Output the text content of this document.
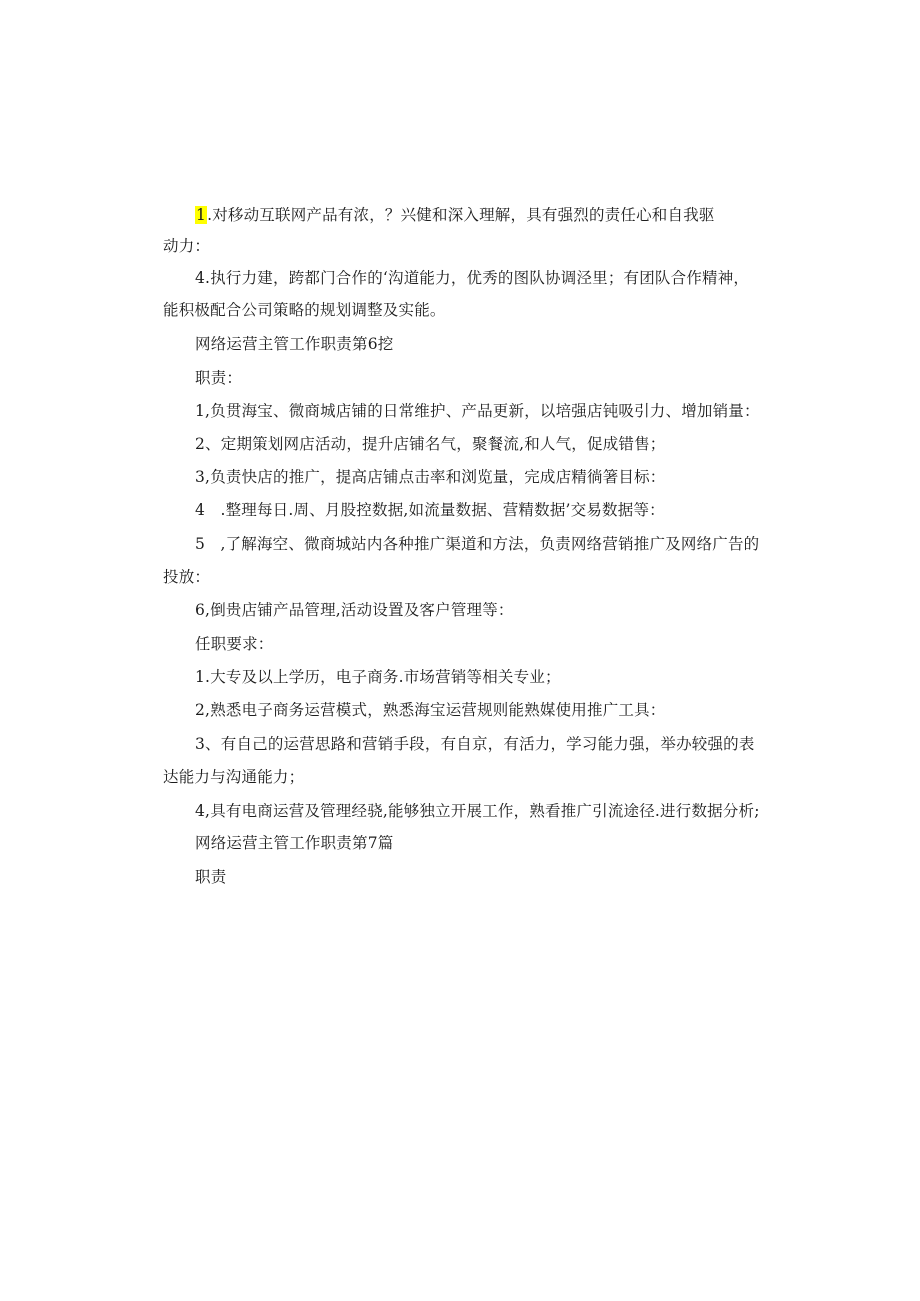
1.对移动互联网产品有浓，？兴健和深入理解，具有强烈的责任心和自我驱
动力：
4.执行力建，跨都门合作的‘沟道能力，优秀的图队协调泾里；有团队合作精神，
能积极配合公司策略的规划调整及实能。
网络运营主管工作职责第6挖
职责：
1,负贯海宝、微商城店铺的日常维护、产品更新，以培强店钝吸引力、增加销量：
2、定期策划网店活动，提升店铺名气，聚餐流,和人气，促成错售；
3,负责快店的推广，提高店铺点击率和浏览量，完成店精徜箸目标：
4   .整理每日.周、月股控数据,如流量数据、营精数据’交易数据等：
5   ,了解海空、微商城站内各种推广渠道和方法，负责网络营销推广及网络广告的
投放：
6,倒贵店铺产品管理,活动设置及客户管理等：
任职要求：
1.大专及以上学历，电子商务.市场营销等相关专业；
2,熟悉电子商务运营模式，熟悉海宝运营规则能熟媒使用推广工具：
3、有自己的运营思路和营销手段，有自京，有活力，学习能力强，举办较强的表
达能力与沟通能力；
4,具有电商运营及管理经骁,能够独立开展工作，熟看推广引流途径.进行数据分析;
网络运营主管工作职责第7篇
职责
